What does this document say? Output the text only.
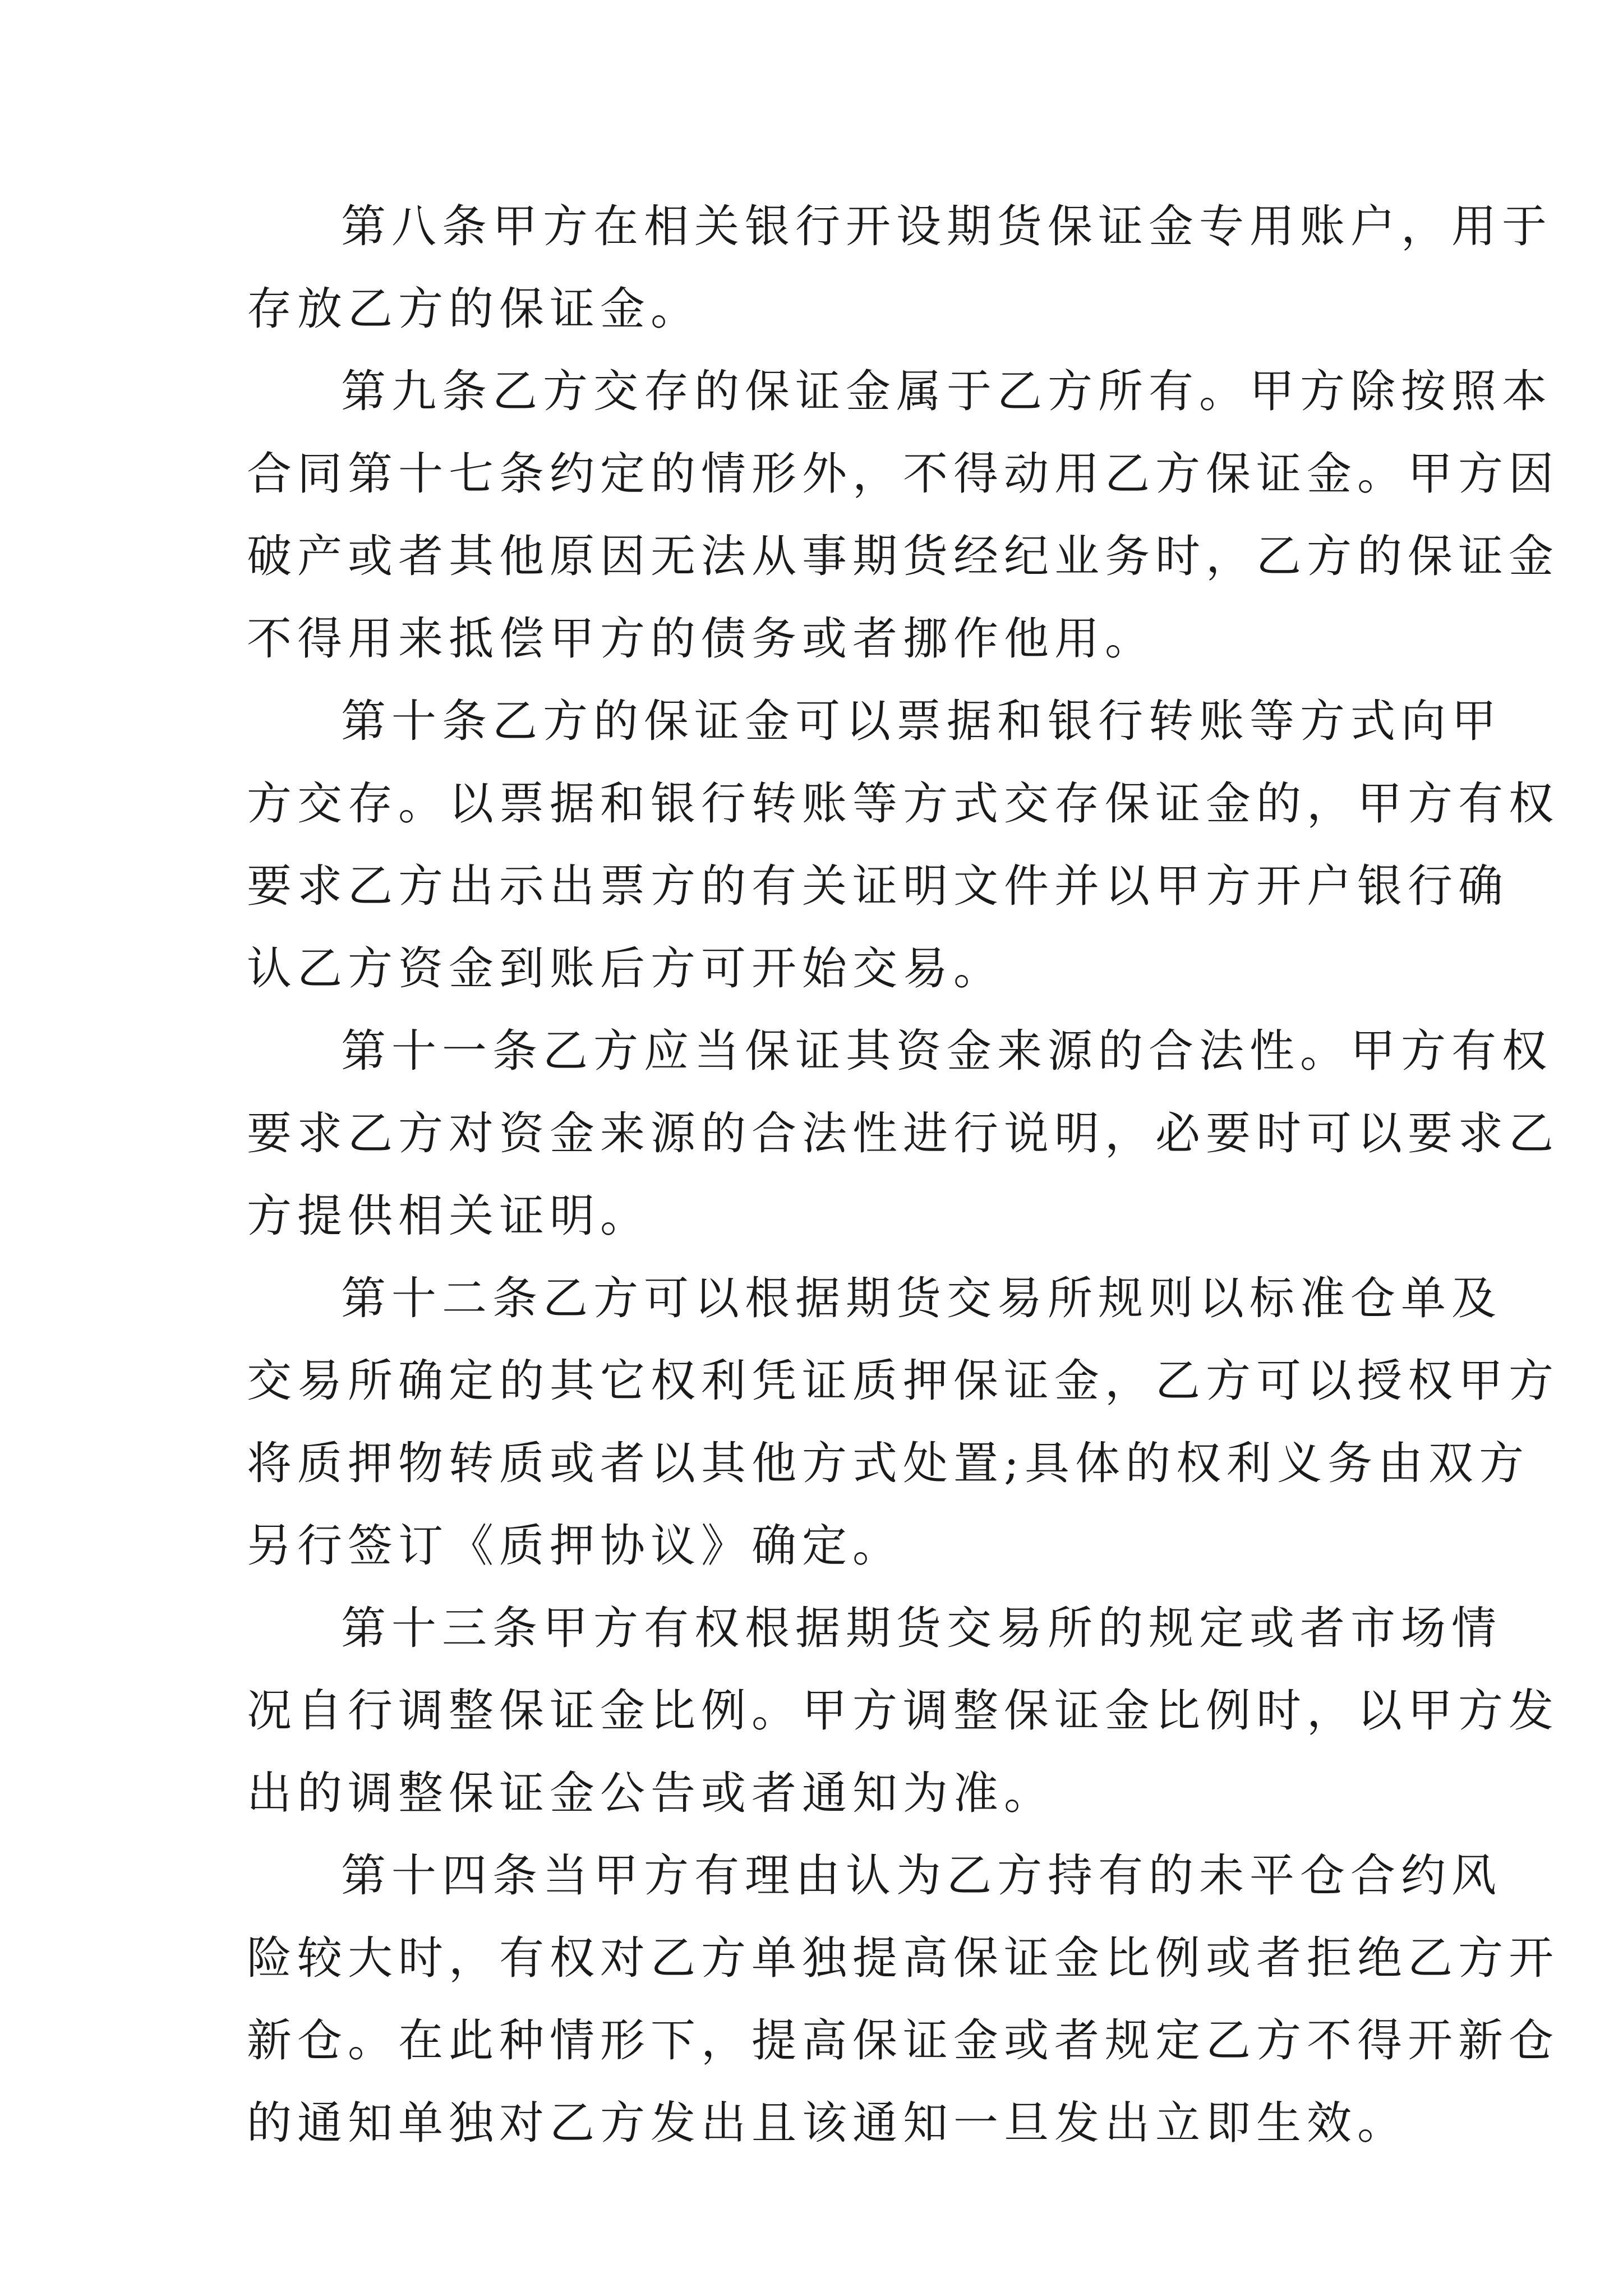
第八条甲方在相关银行开设期货保证金专用账户，用于
存放乙方的保证金。
第九条乙方交存的保证金属于乙方所有。甲方除按照本
合同第十七条约定的情形外，不得动用乙方保证金。甲方因
破产或者其他原因无法从事期货经纪业务时，乙方的保证金
不得用来抵偿甲方的债务或者挪作他用。
第十条乙方的保证金可以票据和银行转账等方式向甲
方交存。以票据和银行转账等方式交存保证金的，甲方有权
要求乙方出示出票方的有关证明文件并以甲方开户银行确
认乙方资金到账后方可开始交易。
第十一条乙方应当保证其资金来源的合法性。甲方有权
要求乙方对资金来源的合法性进行说明，必要时可以要求乙
方提供相关证明。
第十二条乙方可以根据期货交易所规则以标准仓单及
交易所确定的其它权利凭证质押保证金，乙方可以授权甲方
将质押物转质或者以其他方式处置;具体的权利义务由双方
另行签订《质押协议》确定。
第十三条甲方有权根据期货交易所的规定或者市场情
况自行调整保证金比例。甲方调整保证金比例时，以甲方发
出的调整保证金公告或者通知为准。
第十四条当甲方有理由认为乙方持有的未平仓合约风
险较大时，有权对乙方单独提高保证金比例或者拒绝乙方开
新仓。在此种情形下，提高保证金或者规定乙方不得开新仓
的通知单独对乙方发出且该通知一旦发出立即生效。
